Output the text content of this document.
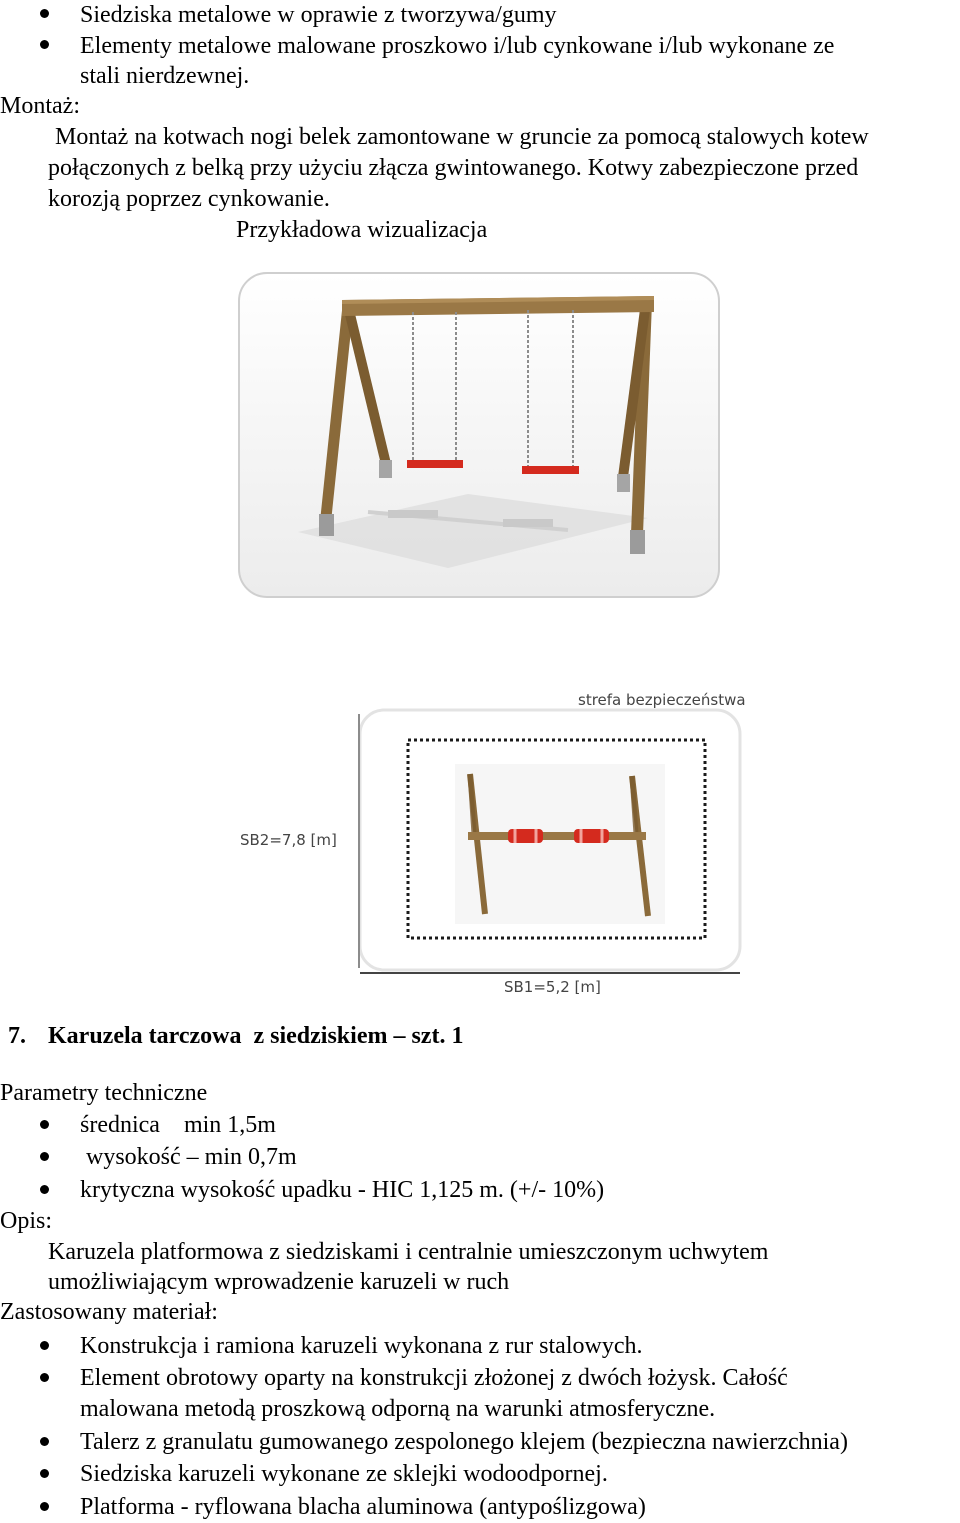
Siedziska metalowe w oprawie z tworzywa/gumy
Elementy metalowe malowane proszkowo i/lub cynkowane i/lub wykonane ze
stali nierdzewnej.
Montaż:
Montaż na kotwach nogi belek zamontowane w gruncie za pomocą stalowych kotew
połączonych z belką przy użyciu złącza gwintowanego. Kotwy zabezpieczone przed
korozją poprzez cynkowanie.
Przykładowa wizualizacja
strefa bezpieczeństwa
SB2=7,8 [m]
SB1=5,2 [m]
7. Karuzela tarczowa  z siedziskiem – szt. 1
Parametry techniczne
średnica    min 1,5m
wysokość – min 0,7m
krytyczna wysokość upadku - HIC 1,125 m. (+/- 10%)
Opis:
Karuzela platformowa z siedziskami i centralnie umieszczonym uchwytem
umożliwiającym wprowadzenie karuzeli w ruch
Zastosowany materiał:
Konstrukcja i ramiona karuzeli wykonana z rur stalowych.
Element obrotowy oparty na konstrukcji złożonej z dwóch łożysk. Całość
malowana metodą proszkową odporną na warunki atmosferyczne.
Talerz z granulatu gumowanego zespolonego klejem (bezpieczna nawierzchnia)
Siedziska karuzeli wykonane ze sklejki wodoodpornej.
Platforma - ryflowana blacha aluminowa (antypoślizgowa)
